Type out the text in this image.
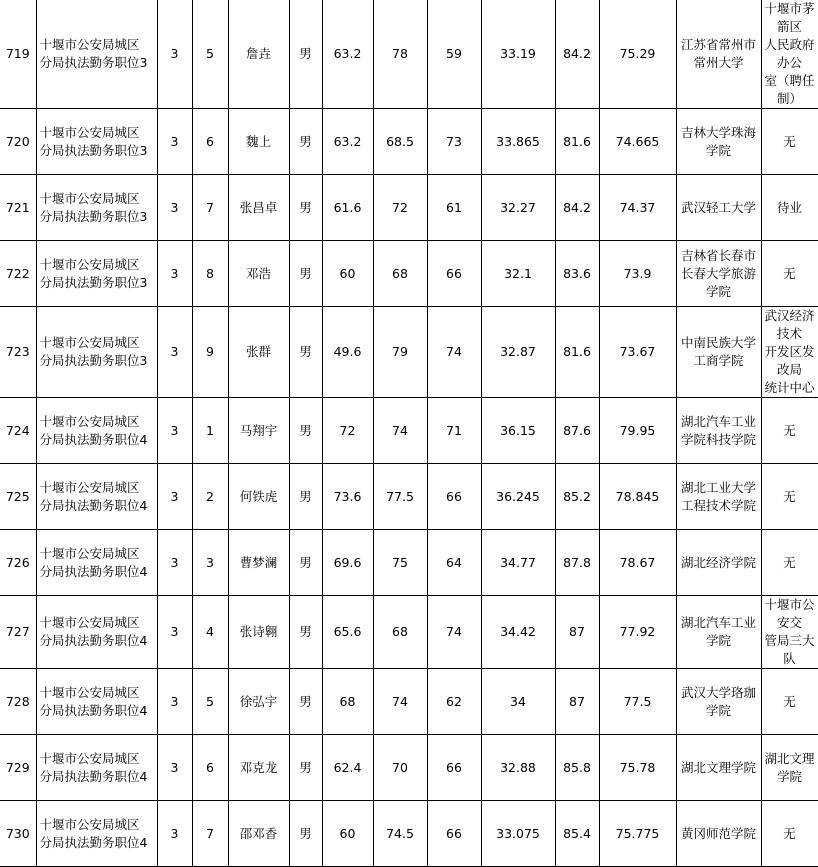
719	十堰市公安局城区
分局执法勤务职位3	3	5	詹垚	男	63.2	78	59	33.19	84.2	75.29	江苏省常州市
常州大学	十堰市茅箭区
人民政府办公
室（聘任制）
720	十堰市公安局城区
分局执法勤务职位3	3	6	魏上	男	63.2	68.5	73	33.865	81.6	74.665	吉林大学珠海
学院	无
721	十堰市公安局城区
分局执法勤务职位3	3	7	张昌卓	男	61.6	72	61	32.27	84.2	74.37	武汉轻工大学	待业
722	十堰市公安局城区
分局执法勤务职位3	3	8	邓浩	男	60	68	66	32.1	83.6	73.9	吉林省长春市
长春大学旅游
学院	无
723	十堰市公安局城区
分局执法勤务职位3	3	9	张群	男	49.6	79	74	32.87	81.6	73.67	中南民族大学
工商学院	武汉经济技术
开发区发改局
统计中心
724	十堰市公安局城区
分局执法勤务职位4	3	1	马翔宇	男	72	74	71	36.15	87.6	79.95	湖北汽车工业
学院科技学院	无
725	十堰市公安局城区
分局执法勤务职位4	3	2	何铁虎	男	73.6	77.5	66	36.245	85.2	78.845	湖北工业大学
工程技术学院	无
726	十堰市公安局城区
分局执法勤务职位4	3	3	曹梦澜	男	69.6	75	64	34.77	87.8	78.67	湖北经济学院	无
727	十堰市公安局城区
分局执法勤务职位4	3	4	张诗翱	男	65.6	68	74	34.42	87	77.92	湖北汽车工业
学院	十堰市公安交
管局三大队
728	十堰市公安局城区
分局执法勤务职位4	3	5	徐弘宇	男	68	74	62	34	87	77.5	武汉大学珞珈
学院	无
729	十堰市公安局城区
分局执法勤务职位4	3	6	邓克龙	男	62.4	70	66	32.88	85.8	75.78	湖北文理学院	湖北文理学院
730	十堰市公安局城区
分局执法勤务职位4	3	7	邵邓香	男	60	74.5	66	33.075	85.4	75.775	黄冈师范学院	无
